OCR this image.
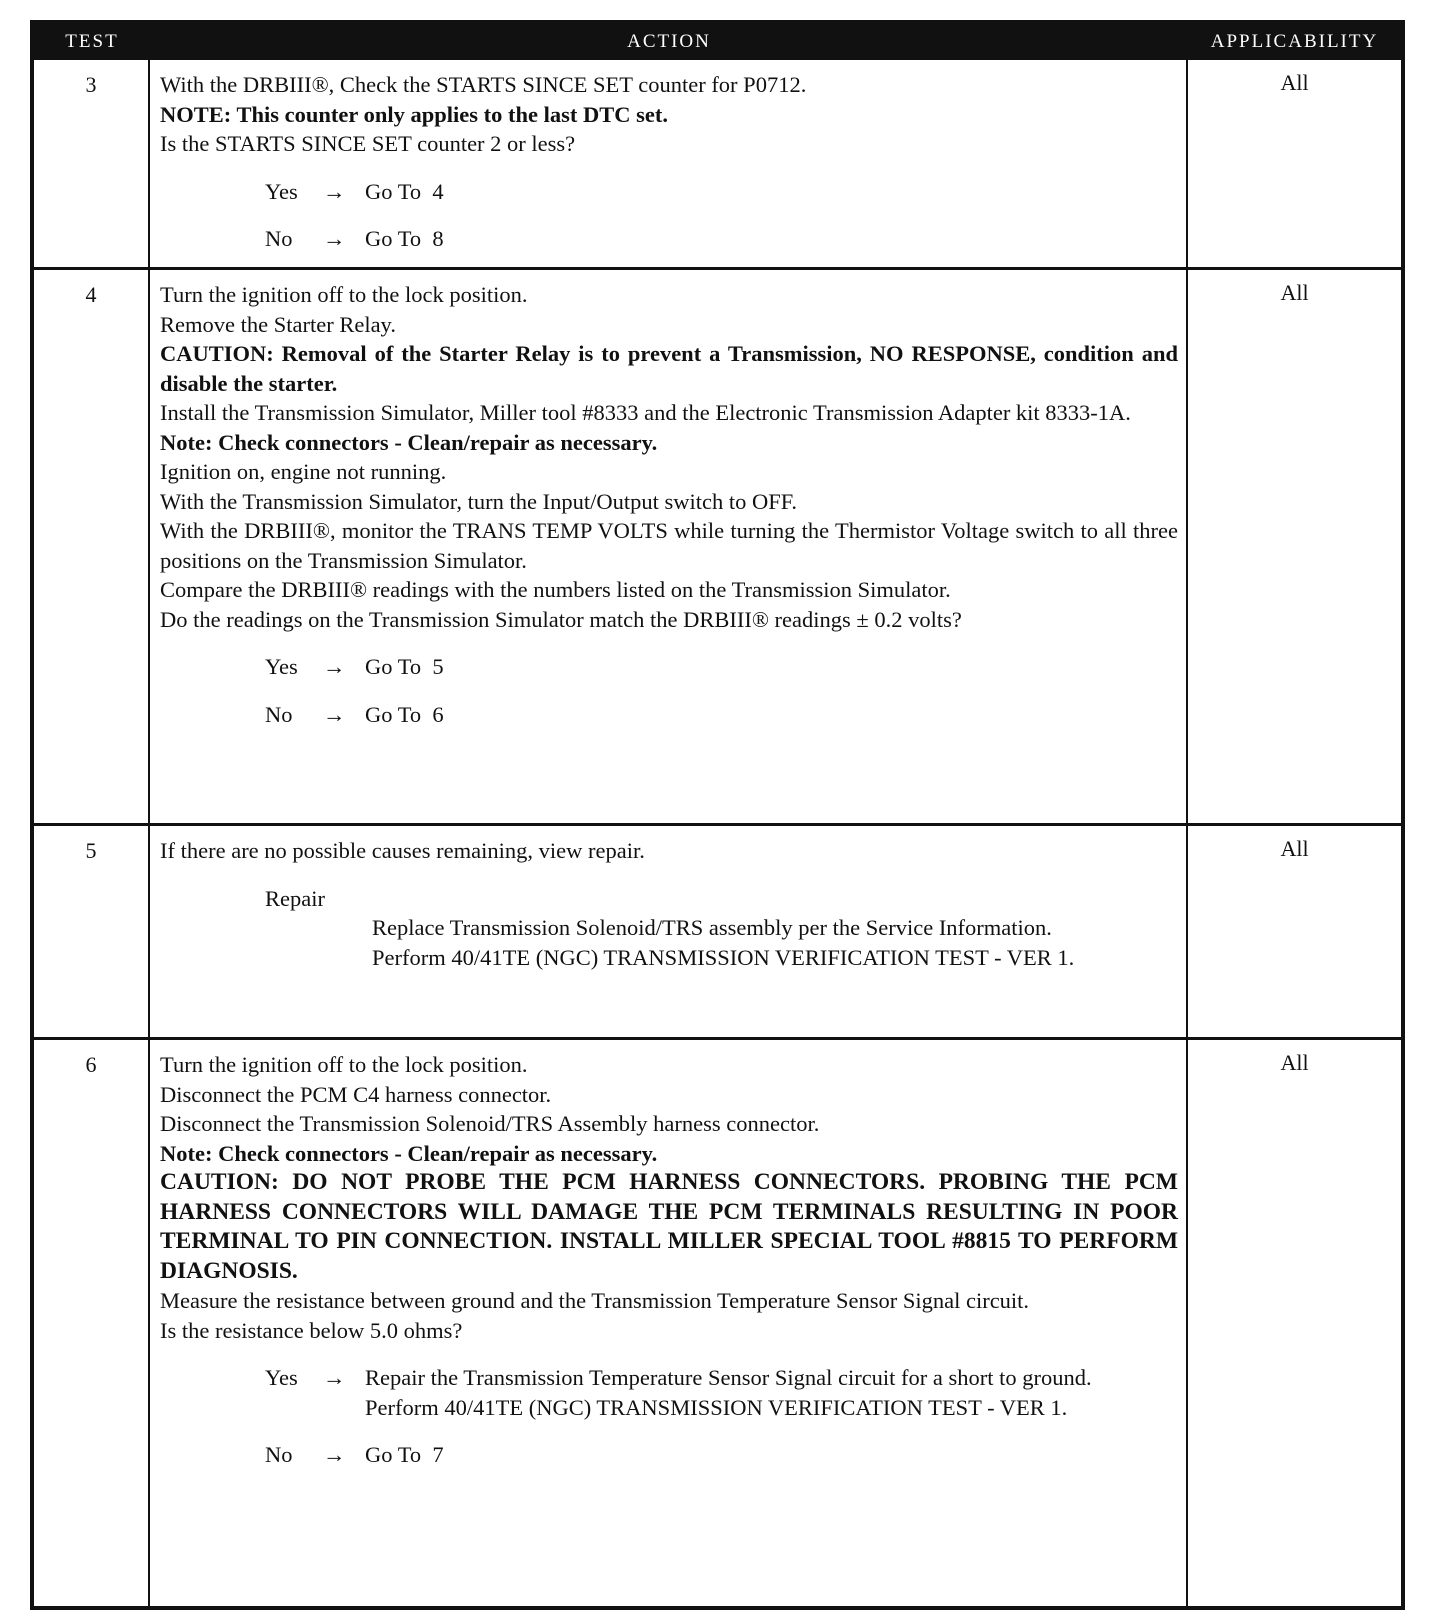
TEST	ACTION	APPLICABILITY
3	With the DRBIII®, Check the STARTS SINCE SET counter for P0712.
NOTE: This counter only applies to the last DTC set.
Is the STARTS SINCE SET counter 2 or less?
Yes	→ Go To  4
No	→ Go To  8
All
4	Turn the ignition off to the lock position.
Remove the Starter Relay.
CAUTION: Removal of the Starter Relay is to prevent a Transmission, NO RESPONSE, condition and disable the starter.
Install the Transmission Simulator, Miller tool #8333 and the Electronic Transmission Adapter kit 8333-1A.
Note: Check connectors - Clean/repair as necessary.
Ignition on, engine not running.
With the Transmission Simulator, turn the Input/Output switch to OFF.
With the DRBIII®, monitor the TRANS TEMP VOLTS while turning the Thermistor Voltage switch to all three positions on the Transmission Simulator.
Compare the DRBIII® readings with the numbers listed on the Transmission Simulator.
Do the readings on the Transmission Simulator match the DRBIII® readings ± 0.2 volts?
Yes	→ Go To  5
No	→ Go To  6
All
5	If there are no possible causes remaining, view repair.
Repair
Replace Transmission Solenoid/TRS assembly per the Service Information.
Perform 40/41TE (NGC) TRANSMISSION VERIFICATION TEST - VER 1.
All
6	Turn the ignition off to the lock position.
Disconnect the PCM C4 harness connector.
Disconnect the Transmission Solenoid/TRS Assembly harness connector.
Note: Check connectors - Clean/repair as necessary.
CAUTION: DO NOT PROBE THE PCM HARNESS CONNECTORS. PROBING THE PCM HARNESS CONNECTORS WILL DAMAGE THE PCM TERMINALS RESULTING IN POOR TERMINAL TO PIN CONNECTION. INSTALL MILLER SPECIAL TOOL #8815 TO PERFORM DIAGNOSIS.
Measure the resistance between ground and the Transmission Temperature Sensor Signal circuit.
Is the resistance below 5.0 ohms?
Yes	→ Repair the Transmission Temperature Sensor Signal circuit for a short to ground.
Perform 40/41TE (NGC) TRANSMISSION VERIFICATION TEST - VER 1.
No	→ Go To  7
All
